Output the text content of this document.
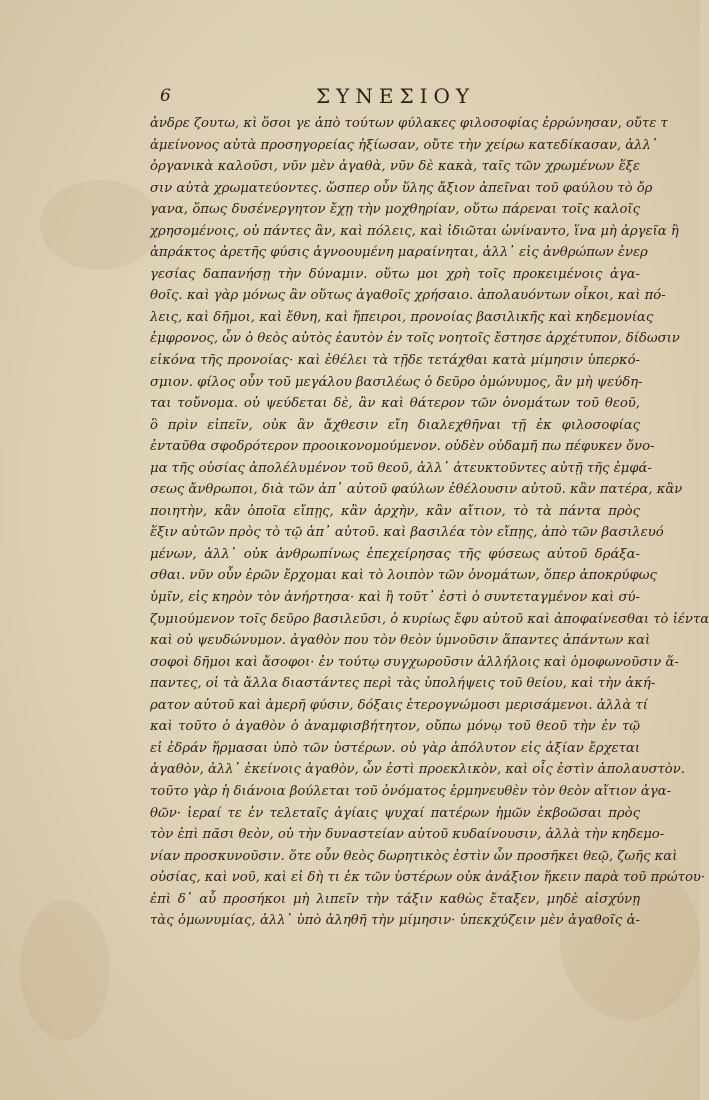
6	ΣΥΝΕΣΙΟΥ
ἀνδρε ζουτω, κὶ ὅσοι γε ἀπὸ τούτων φύλακες φιλοσοφίας ἐρρώνησαν, οὔτε τ
ἀμείνονος αὐτὰ προσηγορείας ἠξίωσαν, οὔτε τὴν χείρω κατεδίκασαν, ἀλλ᾽
ὀργανικὰ καλοῦσι, νῦν μὲν ἀγαθὰ, νῦν δὲ κακὰ, ταῖς τῶν χρωμένων ἕξε
σιν αὐτὰ χρωματεύοντες. ὥσπερ οὖν ὕλης ἄξιον ἀπεῖναι τοῦ φαύλου τὸ ὄρ
γανα, ὅπως δυσένεργητον ἔχῃ τὴν μοχθηρίαν, οὕτω πάρεναι τοῖς καλοῖς
χρησομένοις, οὐ πάντες ἂν, καὶ πόλεις, καὶ ἰδιῶται ὠνίναντο, ἵνα μὴ ἀργεῖα ἢ
ἀπράκτος ἀρετῆς φύσις ἀγνοουμένη μαραίνηται, ἀλλ᾽ εἰς ἀνθρώπων ἐνερ
γεσίας δαπανήσῃ τὴν δύναμιν. οὕτω μοι χρὴ τοῖς προκειμένοις ἀγα-
θοῖς. καὶ γὰρ μόνως ἂν οὕτως ἀγαθοῖς χρήσαιο. ἀπολαυόντων οἶκοι, καὶ πό-
λεις, καὶ δῆμοι, καὶ ἔθνη, καὶ ἤπειροι, προνοίας βασιλικῆς καὶ κηδεμονίας
ἐμφρονος, ὧν ὁ θεὸς αὐτὸς ἑαυτὸν ἐν τοῖς νοητοῖς ἔστησε ἀρχέτυπον, δίδωσιν
εἰκόνα τῆς προνοίας· καὶ ἐθέλει τὰ τῇδε τετάχθαι κατὰ μίμησιν ὑπερκό-
σμιον. φίλος οὖν τοῦ μεγάλου βασιλέως ὁ δεῦρο ὁμώνυμος, ἂν μὴ ψεύδη-
ται τοὔνομα. οὐ ψεύδεται δὲ, ἂν καὶ θάτερον τῶν ὀνομάτων τοῦ θεοῦ,
ὃ πρὶν εἰπεῖν, οὐκ ἂν ἄχθεσιν εἴη διαλεχθῆναι τῇ ἐκ φιλοσοφίας
ἐνταῦθα σφοδρότερον προοικονομούμενον. οὐδὲν οὐδαμῆ πω πέφυκεν ὄνο-
μα τῆς οὐσίας ἀπολέλυμένον τοῦ θεοῦ, ἀλλ᾽ ἀτευκτοῦντες αὐτῇ τῆς ἐμφά-
σεως ἄνθρωποι, διὰ τῶν ἀπ᾽ αὐτοῦ φαύλων ἐθέλουσιν αὐτοῦ. κἂν πατέρα, κἂν
ποιητὴν, κἂν ὁποῖα εἴπῃς, κἂν ἀρχὴν, κἂν αἴτιον, τὸ τὰ πάντα πρὸς
ἕξιν αὐτῶν πρὸς τὸ τῷ ἀπ᾽ αὐτοῦ. καὶ βασιλέα τὸν εἴπῃς, ἀπὸ τῶν βασιλευό
μένων, ἀλλ᾽ οὐκ ἀνθρωπίνως ἐπεχείρησας τῆς φύσεως αὐτοῦ δράξα-
σθαι. νῦν οὖν ἐρῶν ἔρχομαι καὶ τὸ λοιπὸν τῶν ὀνομάτων, ὅπερ ἀποκρύφως
ὑμῖν, εἰς κηρὸν τὸν ἀνήρτησα· καὶ ἢ τοῦτ᾽ ἐστὶ ὁ συντεταγμένον καὶ σύ-
ζυμιούμενον τοῖς δεῦρο βασιλεῦσι, ὁ κυρίως ἔφυ αὐτοῦ καὶ ἀποφαίνεσθαι τὸ ἰέντα
καὶ οὐ ψευδώνυμον. ἀγαθὸν που τὸν θεὸν ὑμνοῦσιν ἅπαντες ἀπάντων καὶ
σοφοὶ δῆμοι καὶ ἄσοφοι· ἐν τούτῳ συγχωροῦσιν ἀλλήλοις καὶ ὁμοφωνοῦσιν ἅ-
παντες, οἱ τὰ ἄλλα διαστάντες περὶ τὰς ὑπολήψεις τοῦ θείου, καὶ τὴν ἀκή-
ρατον αὐτοῦ καὶ ἀμερῆ φύσιν, δόξαις ἑτερογνώμοσι μερισάμενοι. ἀλλὰ τί
καὶ τοῦτο ὁ ἀγαθὸν ὁ ἀναμφισβήτητον, οὔπω μόνῳ τοῦ θεοῦ τὴν ἐν τῷ
εἰ ἐδράν ἥρμασαι ὑπὸ τῶν ὑστέρων. οὐ γὰρ ἀπόλυτον εἰς ἀξίαν ἔρχεται
ἀγαθὸν, ἀλλ᾽ ἐκείνοις ἀγαθὸν, ὧν ἐστὶ προεκλικὸν, καὶ οἷς ἐστὶν ἀπολαυστὸν.
τοῦτο γὰρ ἡ διάνοια βούλεται τοῦ ὀνόματος ἑρμηνευθὲν τὸν θεὸν αἴτιον ἀγα-
θῶν· ἱεραί τε ἐν τελεταῖς ἁγίαις ψυχαί πατέρων ἡμῶν ἐκβοῶσαι πρὸς
τὸν ἐπὶ πᾶσι θεὸν, οὐ τὴν δυναστείαν αὐτοῦ κυδαίνουσιν, ἀλλὰ τὴν κηδεμο-
νίαν προσκυνοῦσιν. ὅτε οὖν θεὸς δωρητικὸς ἐστὶν ὧν προσῆκει θεῷ, ζωῆς καὶ
οὐσίας, καὶ νοῦ, καὶ εἰ δὴ τι ἐκ τῶν ὑστέρων οὐκ ἀνάξιον ἥκειν παρὰ τοῦ πρώτου·
ἐπὶ δ᾽ αὖ προσήκοι μὴ λιπεῖν τὴν τάξιν καθὼς ἔταξεν, μηδὲ αἰσχύνῃ
τὰς ὁμωνυμίας, ἀλλ᾽ ὑπὸ ἀληθῆ τὴν μίμησιν· ὑπεκχύζειν μὲν ἀγαθοῖς ἀ-
